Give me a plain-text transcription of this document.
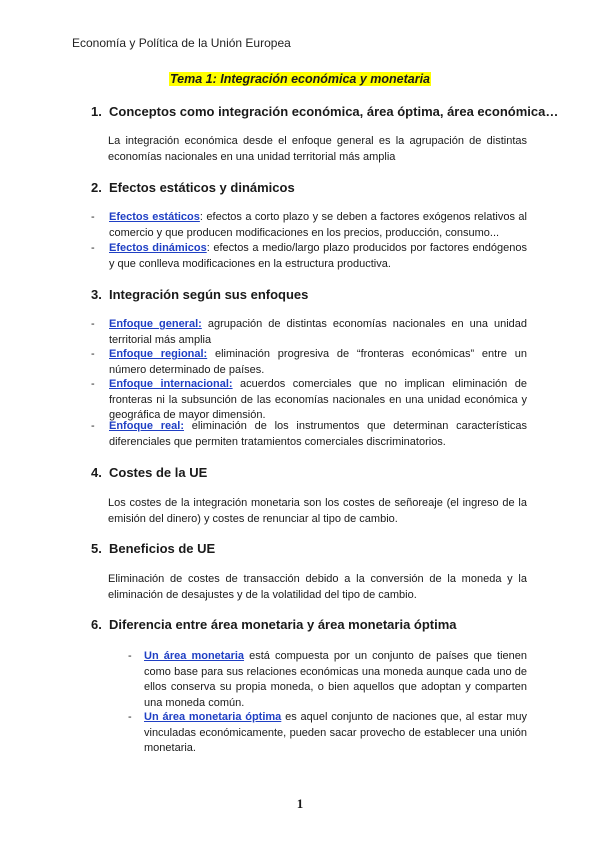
Economía y Política de la Unión Europea
Tema 1: Integración económica y monetaria
1. Conceptos como integración económica, área óptima, área económica…
La integración económica desde el enfoque general es la agrupación de distintas economías nacionales en una unidad territorial más amplia
2. Efectos estáticos y dinámicos
- Efectos estáticos: efectos a corto plazo y se deben a factores exógenos relativos al comercio y que producen modificaciones en los precios, producción, consumo...
- Efectos dinámicos: efectos a medio/largo plazo producidos por factores endógenos y que conlleva modificaciones en la estructura productiva.
3. Integración según sus enfoques
- Enfoque general: agrupación de distintas economías nacionales en una unidad territorial más amplia
- Enfoque regional: eliminación progresiva de “fronteras económicas” entre un número determinado de países.
- Enfoque internacional: acuerdos comerciales que no implican eliminación de fronteras ni la subsunción de las economías nacionales en una unidad económica y geográfica de mayor dimensión.
- Enfoque real: eliminación de los instrumentos que determinan características diferenciales que permiten tratamientos comerciales discriminatorios.
4. Costes de la UE
Los costes de la integración monetaria son los costes de señoreaje (el ingreso de la emisión del dinero) y costes de renunciar al tipo de cambio.
5. Beneficios de UE
Eliminación de costes de transacción debido a la conversión de la moneda y la eliminación de desajustes y de la volatilidad del tipo de cambio.
6. Diferencia entre área monetaria y área monetaria óptima
- Un área monetaria está compuesta por un conjunto de países que tienen como base para sus relaciones económicas una moneda aunque cada uno de ellos conserva su propia moneda, o bien aquellos que adoptan y comparten una moneda común.
- Un área monetaria óptima es aquel conjunto de naciones que, al estar muy vinculadas económicamente, pueden sacar provecho de establecer una unión monetaria.
1
